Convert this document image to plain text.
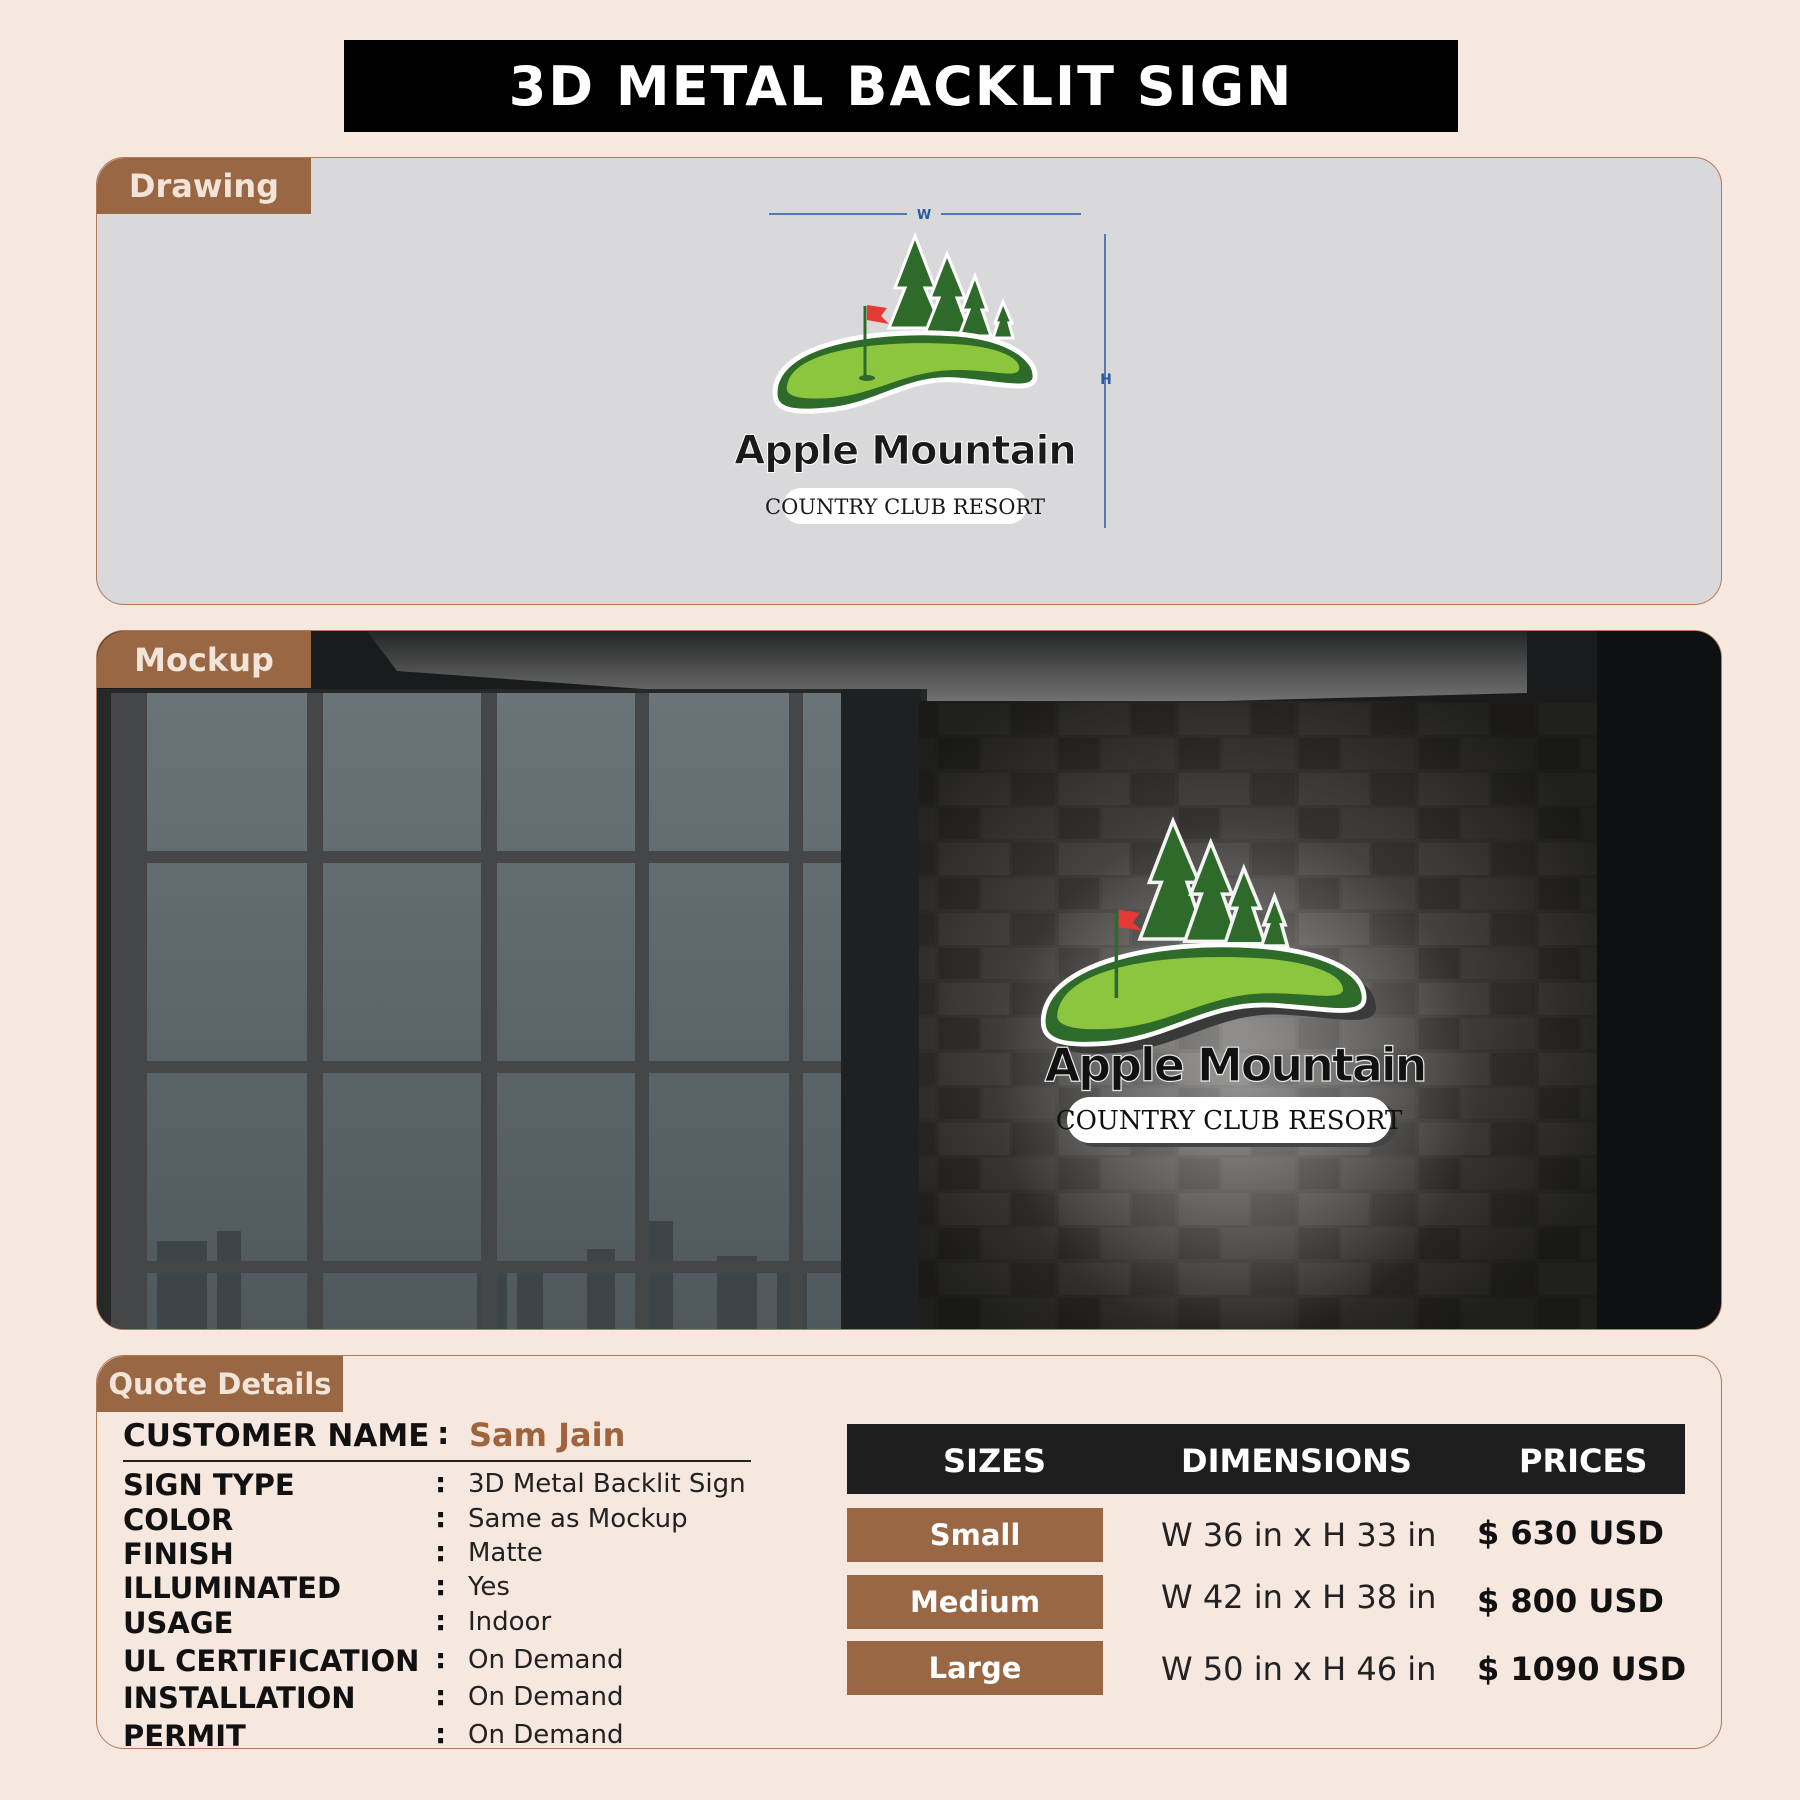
3D METAL BACKLIT SIGN
Drawing
W
H
Apple Mountain
COUNTRY CLUB RESORT
Mockup
Apple Mountain
COUNTRY CLUB RESORT
Quote Details
CUSTOMER NAME : Sam Jain
SIGN TYPE	: 3D Metal Backlit Sign
COLOR	: Same as Mockup
FINISH	: Matte
ILLUMINATED	: Yes
USAGE	: Indoor
UL CERTIFICATION : On Demand
INSTALLATION	: On Demand
PERMIT	: On Demand
SIZES	DIMENSIONS	PRICES
Small	W 36 in x H 33 in $ 630 USD
Medium	W 42 in x H 38 in $ 800 USD
Large	W 50 in x H 46 in $ 1090 USD
